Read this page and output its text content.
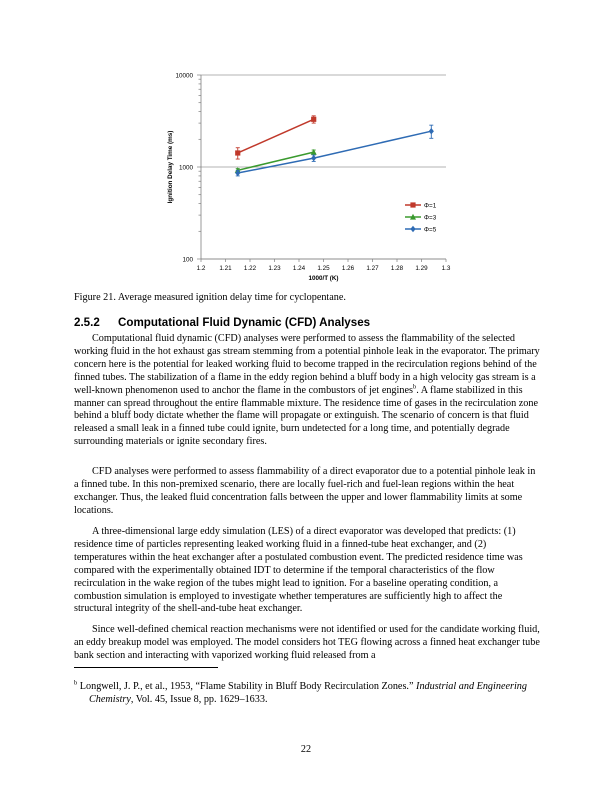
100
1000
10000
1.2 1.21 1.22 1.23 1.24 1.25 1.26 1.27 1.28 1.29 1.3
1000/T (K)
Ignition Delay Time (ms)
Φ=1
Φ=3
Φ=5
Figure 21. Average measured ignition delay time for cyclopentane.
2.5.2 Computational Fluid Dynamic (CFD) Analyses

Computational fluid dynamic (CFD) analyses were performed to assess the flammability of the selected working fluid in the hot exhaust gas stream stemming from a potential pinhole leak in the evaporator. The primary concern here is the potential for leaked working fluid to become trapped in the recirculation regions behind of the finned tubes. The stabilization of a flame in the eddy region behind a bluff body in a high velocity gas stream is a well-known phenomenon used to anchor the flame in the combustors of jet engines$^b$. A flame stabilized in this manner can spread throughout the entire flammable mixture. The residence time of gases in the recirculation zone behind a bluff body dictate whether the flame will propagate or extinguish. The scenario of concern is that fluid released a small leak in a finned tube could ignite, burn undetected for a long time, and potentially degrade surrounding materials or ignite secondary fires.

CFD analyses were performed to assess flammability of a direct evaporator due to a potential pinhole leak in a finned tube. In this non-premixed scenario, there are locally fuel-rich and fuel-lean regions within the heat exchanger. Thus, the leaked fluid concentration falls between the upper and lower flammability limits at some locations.

A three-dimensional large eddy simulation (LES) of a direct evaporator was developed that predicts: (1) residence time of particles representing leaked working fluid in a finned-tube heat exchanger, and (2) temperatures within the heat exchanger after a postulated combustion event. The predicted residence time was compared with the experimentally obtained IDT to determine if the temporal characteristics of the flow recirculation in the wake region of the tubes might lead to ignition. For a baseline operating condition, a combustion simulation is employed to investigate whether temperatures are sufficiently high to affect the structural integrity of the shell-and-tube heat exchanger.

Since well-defined chemical reaction mechanisms were not identified or used for the candidate working fluid, an eddy breakup model was employed. The model considers hot TEG flowing across a finned heat exchanger tube bank section and interacting with vaporized working fluid released from a

$^b$ Longwell, J. P., et al., 1953, “Flame Stability in Bluff Body Recirculation Zones.” Industrial and Engineering Chemistry, Vol. 45, Issue 8, pp. 1629–1633.

22
